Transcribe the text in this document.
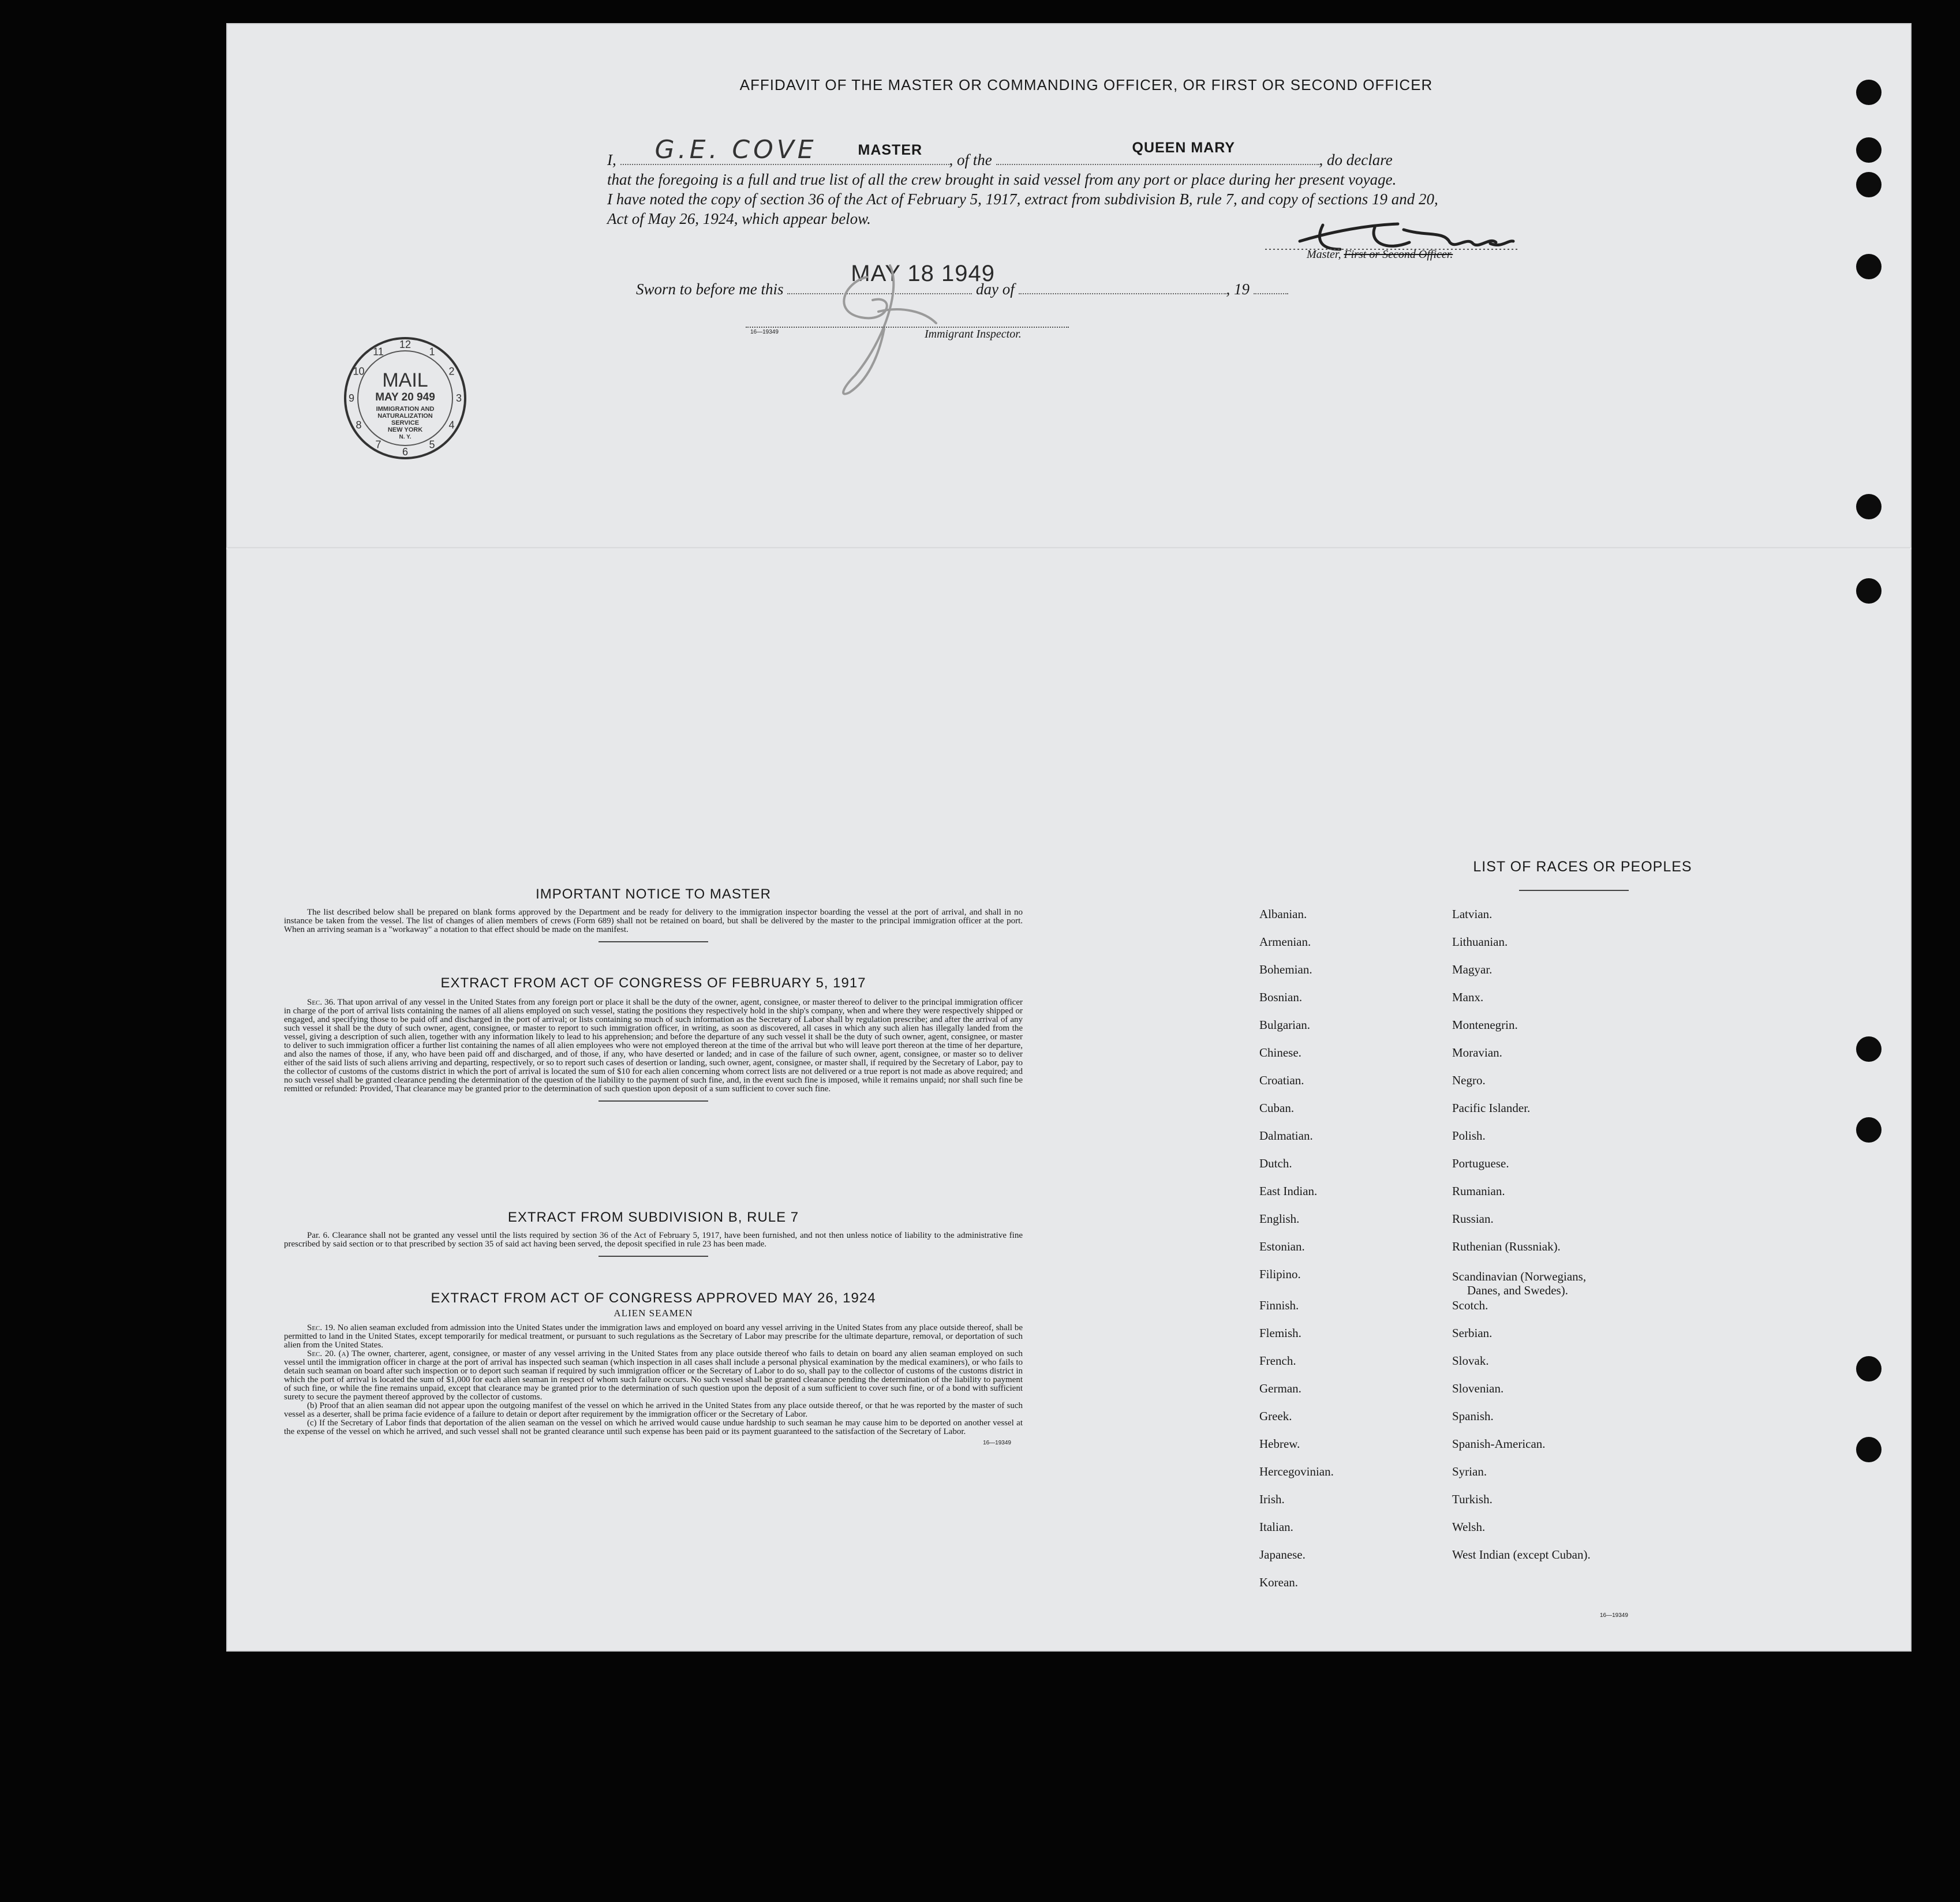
AFFIDAVIT OF THE MASTER OR COMMANDING OFFICER, OR FIRST OR SECOND OFFICER
I, G.E. COVE	MASTER
, of the
QUEEN MARY
, do declare
that the foregoing is a full and true list of all the crew brought in said vessel from any port or place during her present voyage.
I have noted the copy of section 36 of the Act of February 5, 1917, extract from subdivision B, rule 7, and copy of sections 19 and 20,
Act of May 26, 1924, which appear below.
Master, First or Second Officer.
Sworn to before me this
MAY 18 1949
day of	, 19
16—19349	Immigrant Inspector.
12
1
2
3
4
5
6
7
8
9
10
11
MAIL
MAY 20 949
IMMIGRATION AND
NATURALIZATION
SERVICE
NEW YORK
N. Y.
IMPORTANT NOTICE TO MASTER

The list described below shall be prepared on blank forms approved by the Department and be ready for delivery to the immigration inspector boarding the vessel at the port of arrival, and shall in no instance be taken from the vessel. The list of changes of alien members of crews (Form 689) shall not be retained on board, but shall be delivered by the master to the principal immigration officer at the port. When an arriving seaman is a "workaway" a notation to that effect should be made on the manifest.

EXTRACT FROM ACT OF CONGRESS OF FEBRUARY 5, 1917

Sec. 36. That upon arrival of any vessel in the United States from any foreign port or place it shall be the duty of the owner, agent, consignee, or master thereof to deliver to the principal immigration officer in charge of the port of arrival lists containing the names of all aliens employed on such vessel, stating the positions they respectively hold in the ship's company, when and where they were respectively shipped or engaged, and specifying those to be paid off and discharged in the port of arrival; or lists containing so much of such information as the Secretary of Labor shall by regulation prescribe; and after the arrival of any such vessel it shall be the duty of such owner, agent, consignee, or master to report to such immigration officer, in writing, as soon as discovered, all cases in which any such alien has illegally landed from the vessel, giving a description of such alien, together with any information likely to lead to his apprehension; and before the departure of any such vessel it shall be the duty of such owner, agent, consignee, or master to deliver to such immigration officer a further list containing the names of all alien employees who were not employed thereon at the time of the arrival but who will leave port thereon at the time of her departure, and also the names of those, if any, who have been paid off and discharged, and of those, if any, who have deserted or landed; and in case of the failure of such owner, agent, consignee, or master so to deliver either of the said lists of such aliens arriving and departing, respectively, or so to report such cases of desertion or landing, such owner, agent, consignee, or master shall, if required by the Secretary of Labor, pay to the collector of customs of the customs district in which the port of arrival is located the sum of $10 for each alien concerning whom correct lists are not delivered or a true report is not made as above required; and no such vessel shall be granted clearance pending the determination of the question of the liability to the payment of such fine, and, in the event such fine is imposed, while it remains unpaid; nor shall such fine be remitted or refunded: Provided, That clearance may be granted prior to the determination of such question upon deposit of a sum sufficient to cover such fine.

EXTRACT FROM SUBDIVISION B, RULE 7

Par. 6. Clearance shall not be granted any vessel until the lists required by section 36 of the Act of February 5, 1917, have been furnished, and not then unless notice of liability to the administrative fine prescribed by said section or to that prescribed by section 35 of said act having been served, the deposit specified in rule 23 has been made.

EXTRACT FROM ACT OF CONGRESS APPROVED MAY 26, 1924
ALIEN SEAMEN

Sec. 19. No alien seaman excluded from admission into the United States under the immigration laws and employed on board any vessel arriving in the United States from any place outside thereof, shall be permitted to land in the United States, except temporarily for medical treatment, or pursuant to such regulations as the Secretary of Labor may prescribe for the ultimate departure, removal, or deportation of such alien from the United States.

Sec. 20. (a) The owner, charterer, agent, consignee, or master of any vessel arriving in the United States from any place outside thereof who fails to detain on board any alien seaman employed on such vessel until the immigration officer in charge at the port of arrival has inspected such seaman (which inspection in all cases shall include a personal physical examination by the medical examiners), or who fails to detain such seaman on board after such inspection or to deport such seaman if required by such immigration officer or the Secretary of Labor to do so, shall pay to the collector of customs of the customs district in which the port of arrival is located the sum of $1,000 for each alien seaman in respect of whom such failure occurs. No such vessel shall be granted clearance pending the determination of the liability to payment of such fine, or while the fine remains unpaid, except that clearance may be granted prior to the determination of such question upon the deposit of a sum sufficient to cover such fine, or of a bond with sufficient surety to secure the payment thereof approved by the collector of customs.

(b) Proof that an alien seaman did not appear upon the outgoing manifest of the vessel on which he arrived in the United States from any place outside thereof, or that he was reported by the master of such vessel as a deserter, shall be prima facie evidence of a failure to detain or deport after requirement by the immigration officer or the Secretary of Labor.

(c) If the Secretary of Labor finds that deportation of the alien seaman on the vessel on which he arrived would cause undue hardship to such seaman he may cause him to be deported on another vessel at the expense of the vessel on which he arrived, and such vessel shall not be granted clearance until such expense has been paid or its payment guaranteed to the satisfaction of the Secretary of Labor.

16—19349
LIST OF RACES OR PEOPLES
Albanian.
Armenian.
Bohemian.
Bosnian.
Bulgarian.
Chinese.
Croatian.
Cuban.
Dalmatian.
Dutch.
East Indian.
English.
Estonian.
Filipino.
Finnish.
Flemish.
French.
German.
Greek.
Hebrew.
Hercegovinian.
Irish.
Italian.
Japanese.
Korean.
Latvian.
Lithuanian.
Magyar.
Manx.
Montenegrin.
Moravian.
Negro.
Pacific Islander.
Polish.
Portuguese.
Rumanian.
Russian.
Ruthenian (Russniak).
Scandinavian (Norwegians,
Danes, and Swedes).
Scotch.
Serbian.
Slovak.
Slovenian.
Spanish.
Spanish-American.
Syrian.
Turkish.
Welsh.
West Indian (except Cuban).
16—19349
